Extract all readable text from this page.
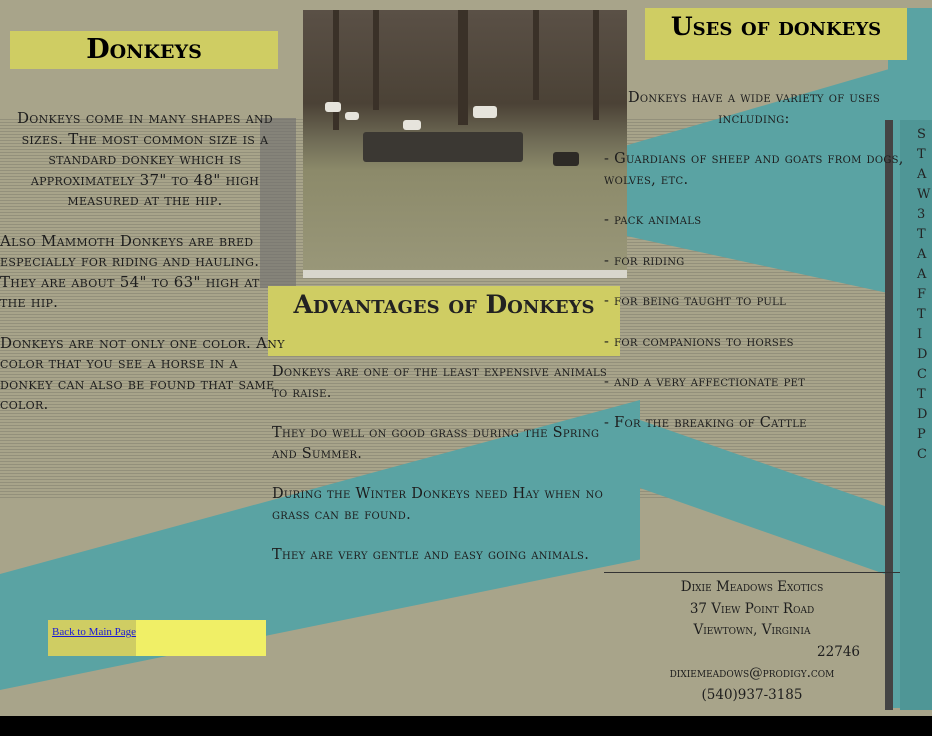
Donkeys
Uses of donkeys
Advantages of Donkeys

Donkeys come in many shapes and sizes. The most common size is a standard donkey which is approximately 37" to 48" high measured at the hip.

Also Mammoth Donkeys are bred especially for riding and hauling. They are about 54" to 63" high at the hip.

Donkeys are not only one color. Any color that you see a horse in a donkey can also be found that same color.

Donkeys are one of the least expensive animals to raise.

They do well on good grass during the Spring and Summer.

During the Winter Donkeys need Hay when no grass can be found.

They are very gentle and easy going animals.

Donkeys have a wide variety of uses including:

- Guardians of sheep and goats from dogs, wolves, etc.

- pack animals

- for riding

- for being taught to pull

- for companions to horses

- and a very affectionate pet

- For the breaking of Cattle

Dixie Meadows Exotics
37 View Point Road
Viewtown, Virginia
22746
dixiemeadows@prodigy.com
(540)937-3185
Back to Main Page
S T A W 3 T A A F T I D C T D P C
